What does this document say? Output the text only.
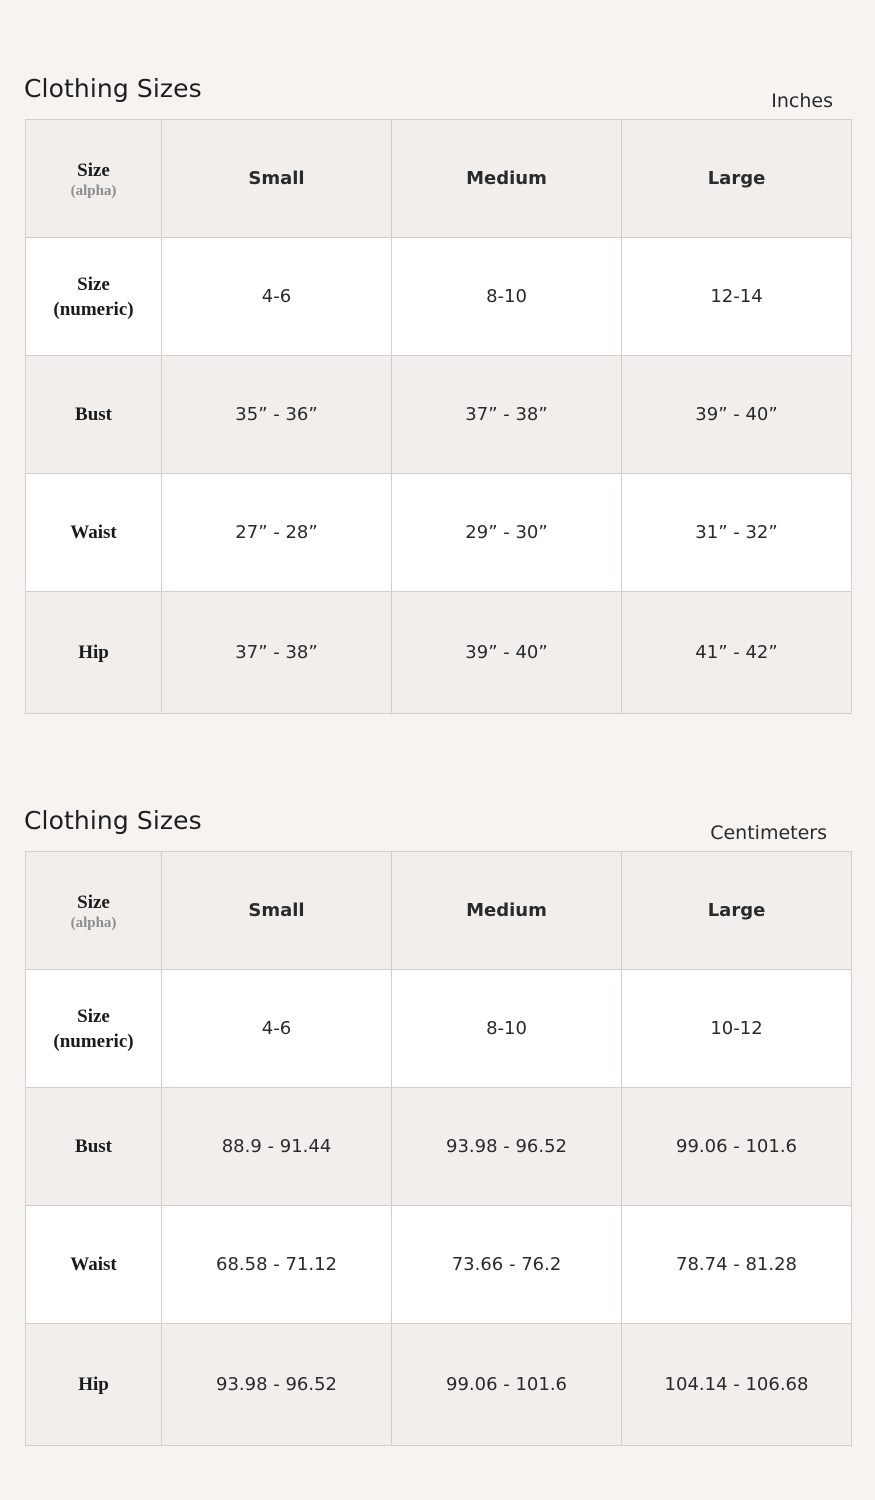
Clothing Sizes	Inches
Size
(alpha)	Small	Medium	Large

Size
(numeric)	4-6	8-10	12-14

Bust	35” - 36”	37” - 38”	39” - 40”

Waist	27” - 28”	29” - 30”	31” - 32”

Hip	37” - 38”	39” - 40”	41” - 42”
Clothing Sizes	Centimeters
Size
(alpha)	Small	Medium	Large

Size
(numeric)	4-6	8-10	10-12

Bust	88.9 - 91.44	93.98 - 96.52	99.06 - 101.6

Waist	68.58 - 71.12	73.66 - 76.2	78.74 - 81.28

Hip	93.98 - 96.52	99.06 - 101.6	104.14 - 106.68
